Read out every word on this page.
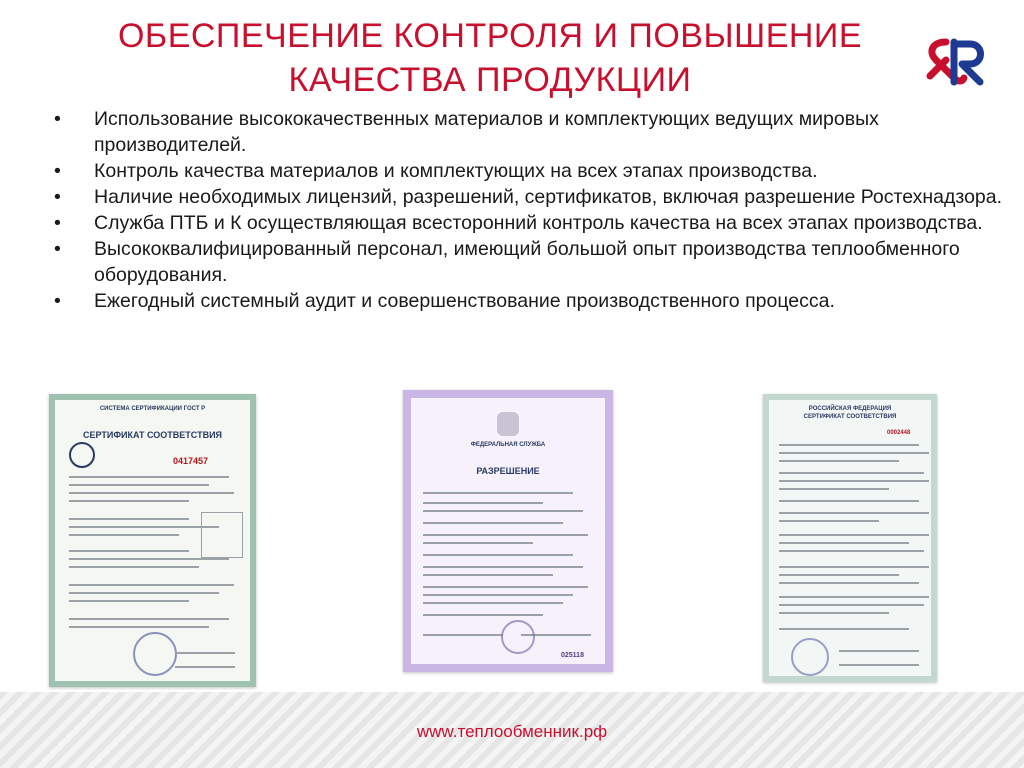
ОБЕСПЕЧЕНИЕ КОНТРОЛЯ И ПОВЫШЕНИЕ
КАЧЕСТВА ПРОДУКЦИИ
•	Использование высококачественных материалов и комплектующих ведущих мировых производителей.
•	Контроль качества материалов и комплектующих на всех этапах производства.
•	Наличие необходимых лицензий, разрешений, сертификатов, включая разрешение Ростехнадзора.
•	Служба ПТБ и К осуществляющая всесторонний контроль качества на всех этапах производства.
•	Высококвалифицированный персонал, имеющий большой опыт производства теплообменного оборудования.
•	Ежегодный системный аудит и совершенствование производственного процесса.
СИСТЕМА СЕРТИФИКАЦИИ ГОСТ Р
СЕРТИФИКАТ СООТВЕТСТВИЯ
0417457
ФЕДЕРАЛЬНАЯ СЛУЖБА
РАЗРЕШЕНИЕ
025118
РОССИЙСКАЯ ФЕДЕРАЦИЯ
СЕРТИФИКАТ СООТВЕТСТВИЯ
0002448
www.теплообменник.рф
